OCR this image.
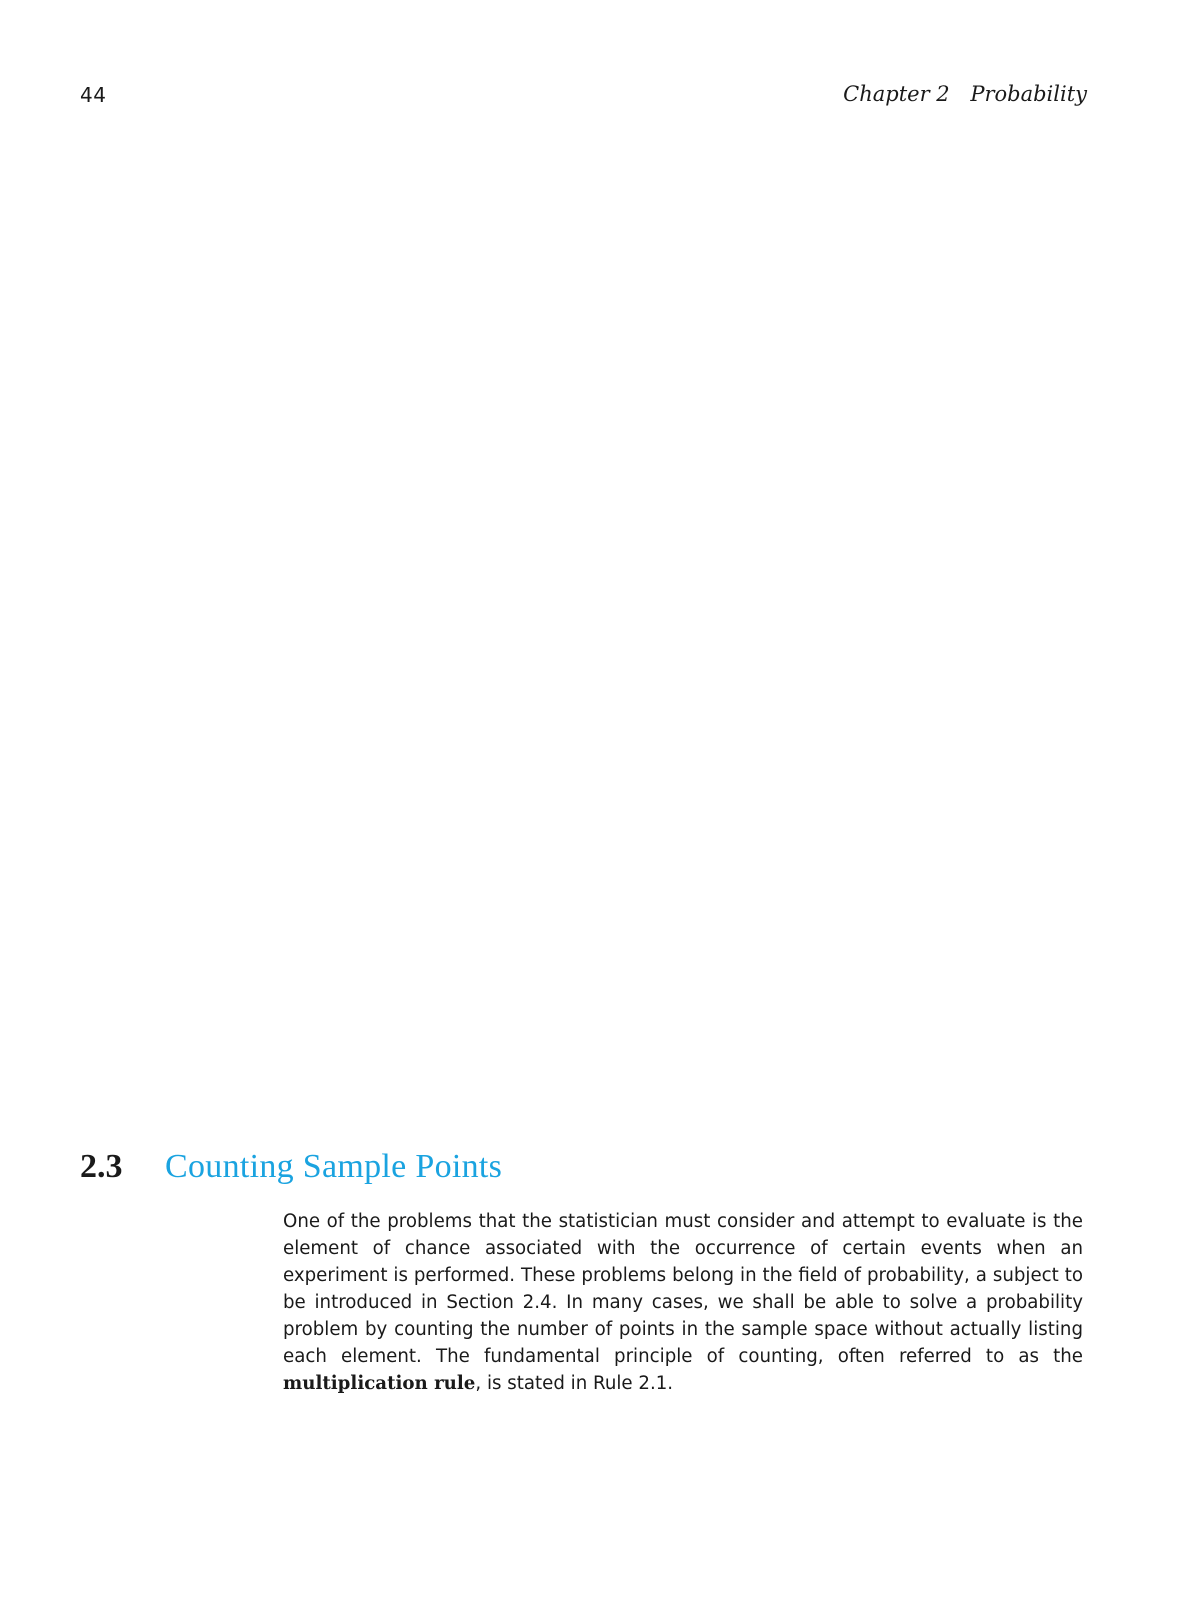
44	Chapter 2 Probability
2.3	Counting Sample Points

One of the problems that the statistician must consider and attempt to evaluate is the element of chance associated with the occurrence of certain events when an experiment is performed. These problems belong in the field of probability, a subject to be introduced in Section 2.4. In many cases, we shall be able to solve a probability problem by counting the number of points in the sample space without actually listing each element. The fundamental principle of counting, often referred to as the multiplication rule, is stated in Rule 2.1.
